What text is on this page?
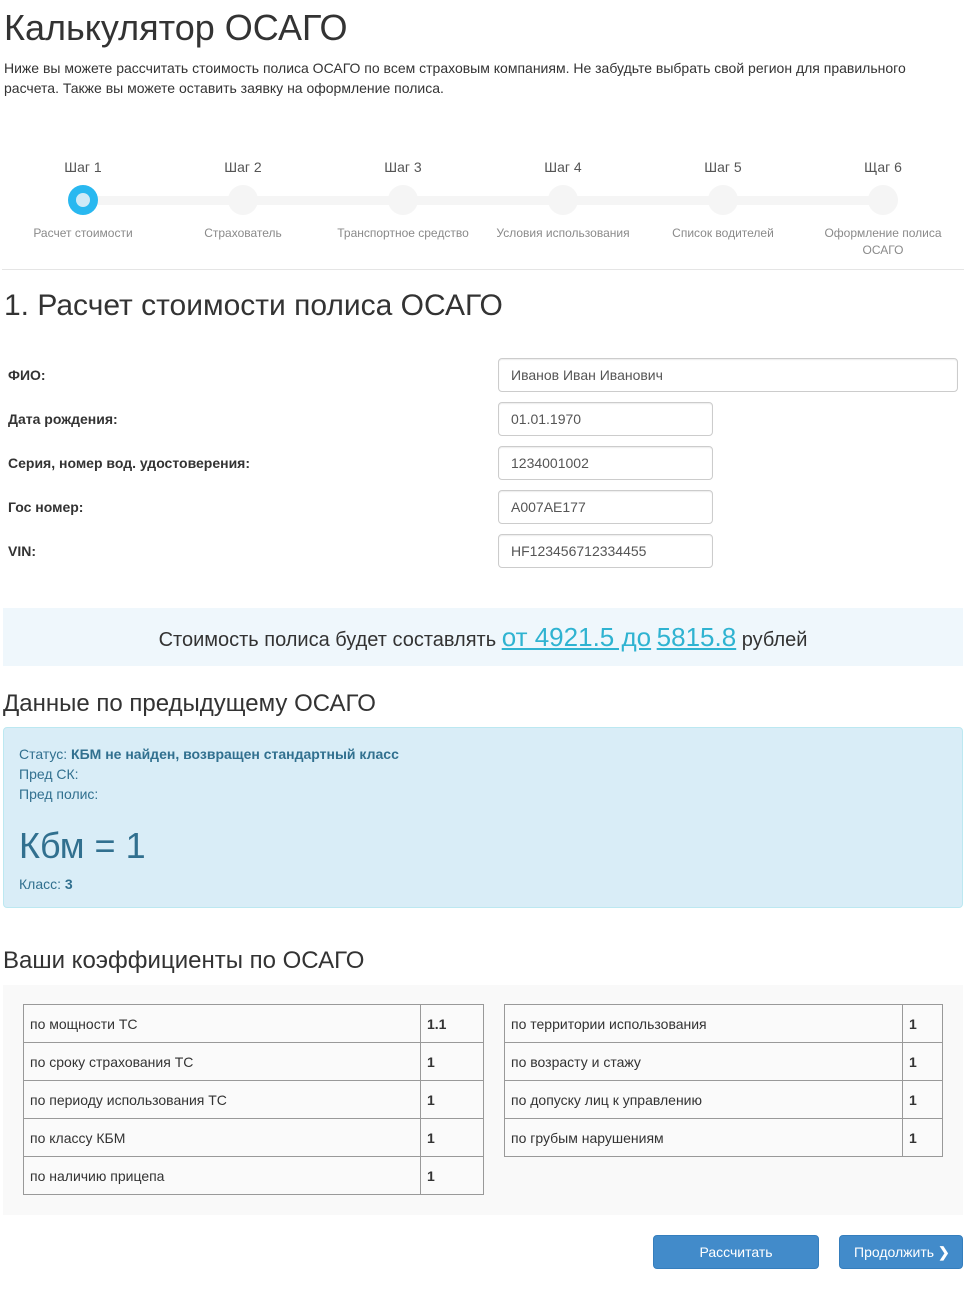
Калькулятор ОСАГО

Ниже вы можете рассчитать стоимость полиса ОСАГО по всем страховым компаниям. Не забудьте выбрать свой регион для правильного расчета. Также вы можете оставить заявку на оформление полиса.

Шаг 1
Расчет стоимости
Шаг 2
Страхователь
Шаг 3
Транспортное средство
Шаг 4
Условия использования
Шаг 5
Список водителей
Щаг 6
Оформление полиса ОСАГО
1. Расчет стоимости полиса ОСАГО
ФИО:
Иванов Иван Иванович
Дата рождения:
01.01.1970
Серия, номер вод. удостоверения:
1234001002
Гос номер:
A007AE177
VIN:
HF123456712334455
Стоимость полиса будет составлять от 4921.5 до 5815.8 рублей
Данные по предыдущему ОСАГО
Статус: КБМ не найден, возвращен стандартный класс
Пред СК:
Пред полис:
Кбм = 1
Класс: 3
Ваши коэффициенты по ОСАГО
по мощности ТС	1.1
по сроку страхования ТС	1
по периоду использования ТС	1
по классу КБМ	1
по наличию прицепа	1
по территории использования	1
по возрасту и стажу	1
по допуску лиц к управлению	1
по грубым нарушениям	1
Рассчитать заново ↻
Продолжить ❯
